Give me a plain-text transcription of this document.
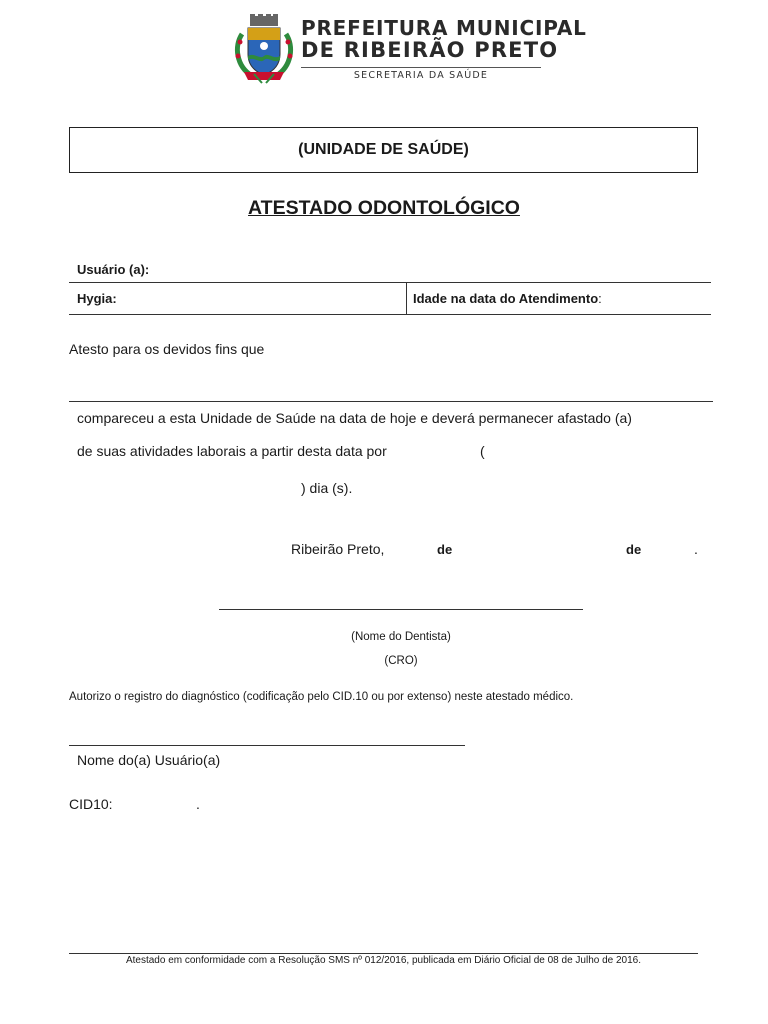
PREFEITURA MUNICIPAL
DE RIBEIRÃO PRETO
SECRETARIA DA SAÚDE
(UNIDADE DE SAÚDE)
ATESTADO ODONTOLÓGICO
Usuário (a):
Hygia:	Idade na data do Atendimento:
Atesto para os devidos fins que
compareceu a esta Unidade de Saúde na data de hoje e deverá permanecer afastado (a)
de suas atividades laborais a partir desta data por	(
) dia (s).
Ribeirão Preto,	de	de	.
(Nome do Dentista)
(CRO)
Autorizo o registro do diagnóstico (codificação pelo CID.10 ou por extenso) neste atestado médico.
Nome do(a) Usuário(a)
CID10:	.
Atestado em conformidade com a Resolução SMS nº 012/2016, publicada em Diário Oficial de 08 de Julho de 2016.
